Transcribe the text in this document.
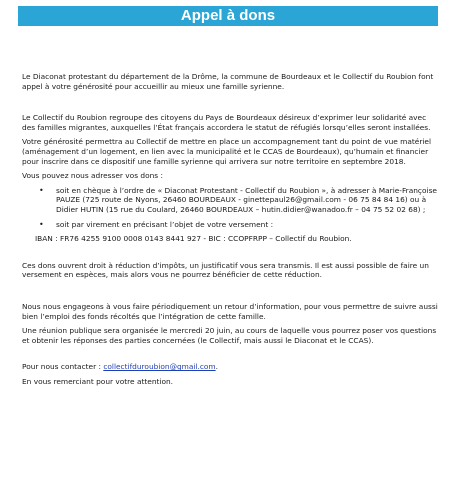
Appel à dons

Le Diaconat protestant du département de la Drôme, la commune de Bourdeaux et le Collectif du Roubion font appel à votre générosité pour accueillir au mieux une famille syrienne.

Le Collectif du Roubion regroupe des citoyens du Pays de Bourdeaux désireux d’exprimer leur solidarité avec des familles migrantes, auxquelles l’État français accordera le statut de réfugiés lorsqu’elles seront installées.

Votre générosité permettra au Collectif de mettre en place un accompagnement tant du point de vue matériel (aménagement d’un logement, en lien avec la municipalité et le CCAS de Bourdeaux), qu’humain et financier pour inscrire dans ce dispositif une famille syrienne qui arrivera sur notre territoire en septembre 2018.

Vous pouvez nous adresser vos dons :

•	soit en chèque à l’ordre de « Diaconat Protestant - Collectif du Roubion », à adresser à Marie-Françoise PAUZE (725 route de Nyons, 26460 BOURDEAUX - ginettepaul26@gmail.com - 06 75 84 84 16) ou à Didier HUTIN (15 rue du Coulard, 26460 BOURDEAUX – hutin.didier@wanadoo.fr – 04 75 52 02 68) ;
•	soit par virement en précisant l’objet de votre versement :

IBAN : FR76 4255 9100 0008 0143 8441 927 - BIC : CCOPFRPP – Collectif du Roubion.

Ces dons ouvrent droit à réduction d’impôts, un justificatif vous sera transmis. Il est aussi possible de faire un versement en espèces, mais alors vous ne pourrez bénéficier de cette réduction.

Nous nous engageons à vous faire périodiquement un retour d’information, pour vous permettre de suivre aussi bien l’emploi des fonds récoltés que l’intégration de cette famille.

Une réunion publique sera organisée le mercredi 20 juin, au cours de laquelle vous pourrez poser vos questions et obtenir les réponses des parties concernées (le Collectif, mais aussi le Diaconat et le CCAS).

Pour nous contacter : collectifduroubion@gmail.com.

En vous remerciant pour votre attention.
